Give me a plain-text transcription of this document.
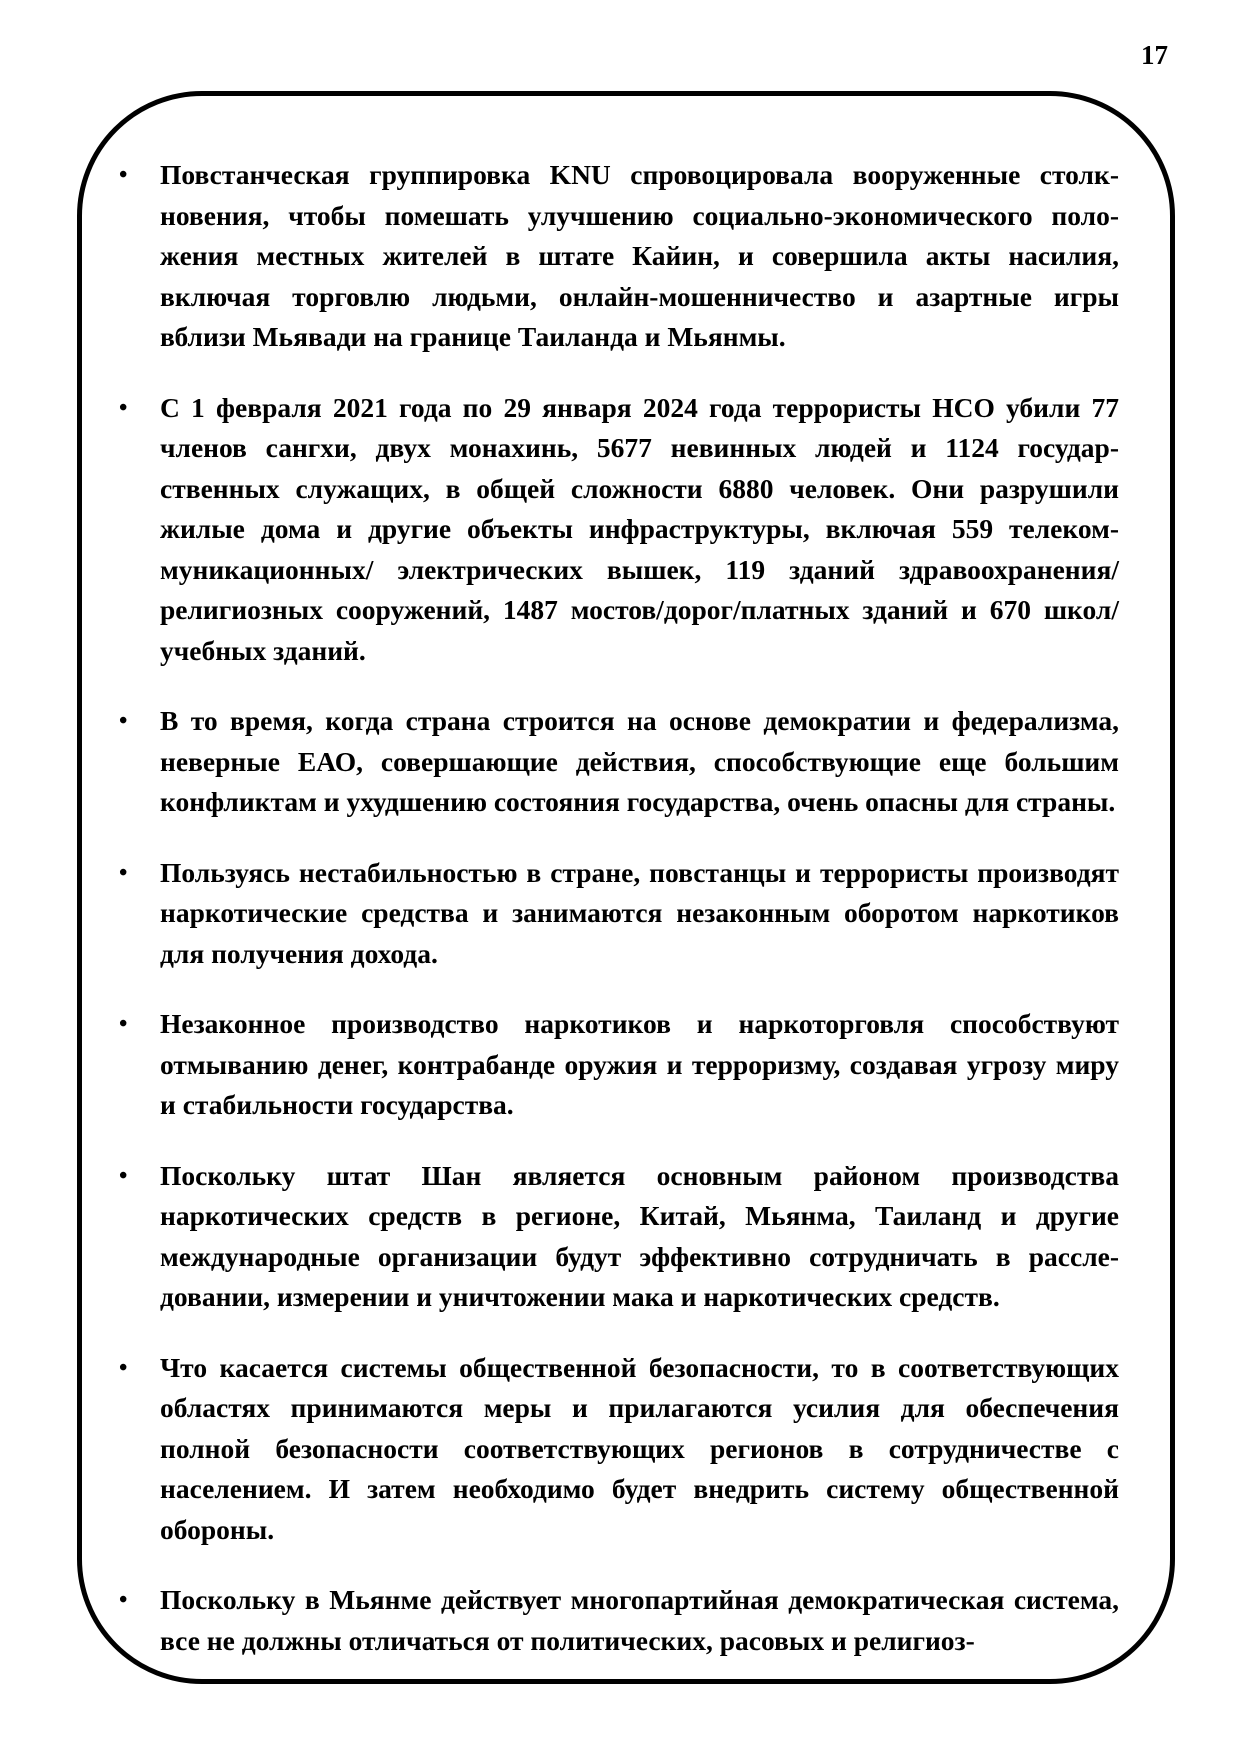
17
• Повстанческая группировка KNU спровоцировала вооруженные столкновения, чтобы помешать улучшению социально-экономического положения местных жителей в штате Кайин, и совершила акты насилия, включая торговлю людьми, онлайн-мошенничество и азартные игры вблизи Мьявади на границе Таиланда и Мьянмы.
• С 1 февраля 2021 года по 29 января 2024 года террористы НСО убили 77 членов сангхи, двух монахинь, 5677 невинных людей и 1124 государственных служащих, в общей сложности 6880 человек. Они разрушили жилые дома и другие объекты инфраструктуры, включая 559 телекоммуникационных/ электрических вышек, 119 зданий здравоохранения/ религиозных сооружений, 1487 мостов/дорог/платных зданий и 670 школ/учебных зданий.
• В то время, когда страна строится на основе демократии и федерализма, неверные ЕАО, совершающие действия, способствующие еще большим конфликтам и ухудшению состояния государства, очень опасны для страны.
• Пользуясь нестабильностью в стране, повстанцы и террористы производят наркотические средства и занимаются незаконным оборотом наркотиков для получения дохода.
• Незаконное производство наркотиков и наркоторговля способствуют отмыванию денег, контрабанде оружия и терроризму, создавая угрозу миру и стабильности государства.
• Поскольку штат Шан является основным районом производства наркотических средств в регионе, Китай, Мьянма, Таиланд и другие международные организации будут эффективно сотрудничать в расследовании, измерении и уничтожении мака и наркотических средств.
• Что касается системы общественной безопасности, то в соответствующих областях принимаются меры и прилагаются усилия для обеспечения полной безопасности соответствующих регионов в сотрудничестве с населением. И затем необходимо будет внедрить систему общественной обороны.
• Поскольку в Мьянме действует многопартийная демократическая система, все не должны отличаться от политических, расовых и религиоз-
